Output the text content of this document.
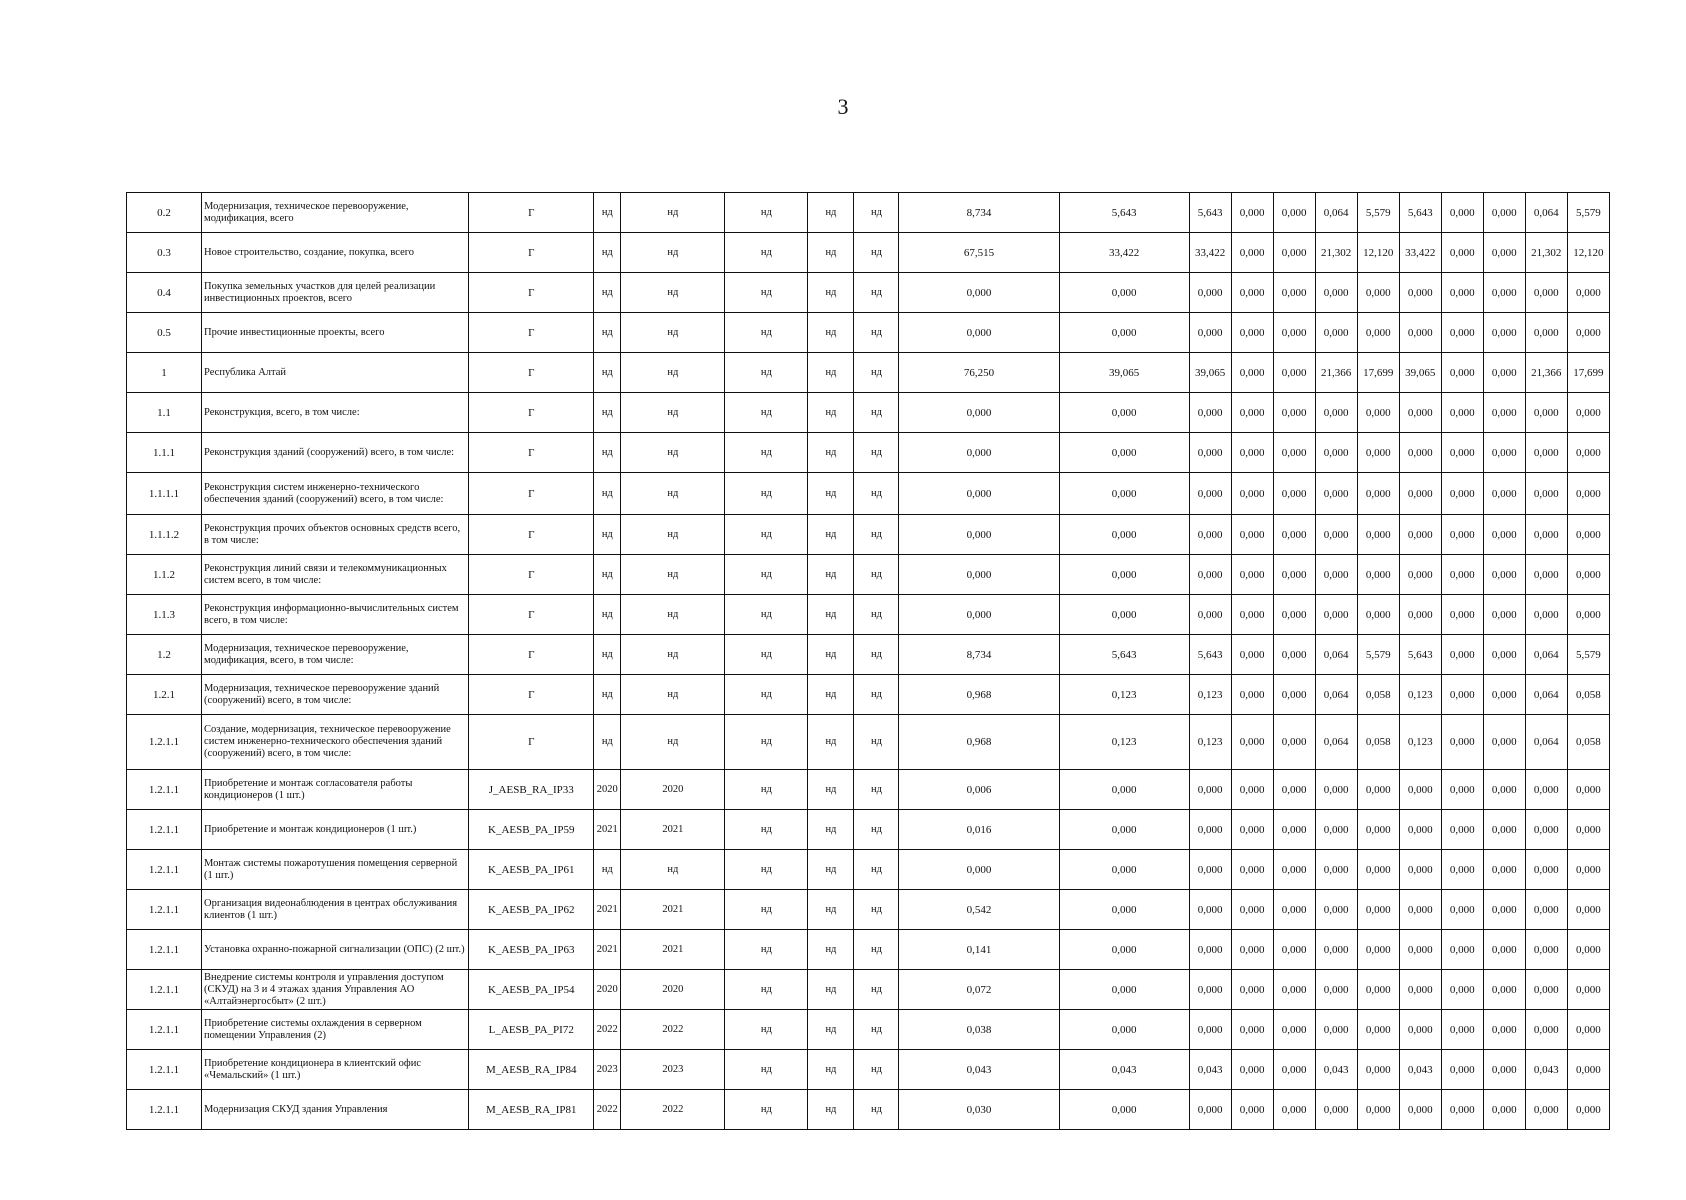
3
0.2	Модернизация, техническое перевооружение, модификация, всего	Г	нд	нд	нд	нд	нд	8,734	5,643	5,643	0,000	0,000	0,064	5,579	5,643	0,000	0,000	0,064	5,579
0.3	Новое строительство, создание, покупка, всего	Г	нд	нд	нд	нд	нд	67,515	33,422	33,422	0,000	0,000	21,302	12,120	33,422	0,000	0,000	21,302	12,120
0.4	Покупка земельных участков для целей реализации инвестиционных проектов, всего	Г	нд	нд	нд	нд	нд	0,000	0,000	0,000	0,000	0,000	0,000	0,000	0,000	0,000	0,000	0,000	0,000
0.5	Прочие инвестиционные проекты, всего	Г	нд	нд	нд	нд	нд	0,000	0,000	0,000	0,000	0,000	0,000	0,000	0,000	0,000	0,000	0,000	0,000
1	Республика Алтай	Г	нд	нд	нд	нд	нд	76,250	39,065	39,065	0,000	0,000	21,366	17,699	39,065	0,000	0,000	21,366	17,699
1.1	Реконструкция, всего, в том числе:	Г	нд	нд	нд	нд	нд	0,000	0,000	0,000	0,000	0,000	0,000	0,000	0,000	0,000	0,000	0,000	0,000
1.1.1	Реконструкция зданий (сооружений) всего, в том числе:	Г	нд	нд	нд	нд	нд	0,000	0,000	0,000	0,000	0,000	0,000	0,000	0,000	0,000	0,000	0,000	0,000
1.1.1.1	Реконструкция систем инженерно-технического обеспечения зданий (сооружений) всего, в том числе:	Г	нд	нд	нд	нд	нд	0,000	0,000	0,000	0,000	0,000	0,000	0,000	0,000	0,000	0,000	0,000	0,000
1.1.1.2	Реконструкция прочих объектов основных средств всего, в том числе:	Г	нд	нд	нд	нд	нд	0,000	0,000	0,000	0,000	0,000	0,000	0,000	0,000	0,000	0,000	0,000	0,000
1.1.2	Реконструкция линий связи и телекоммуникационных систем всего, в том числе:	Г	нд	нд	нд	нд	нд	0,000	0,000	0,000	0,000	0,000	0,000	0,000	0,000	0,000	0,000	0,000	0,000
1.1.3	Реконструкция информационно-вычислительных систем всего, в том числе:	Г	нд	нд	нд	нд	нд	0,000	0,000	0,000	0,000	0,000	0,000	0,000	0,000	0,000	0,000	0,000	0,000
1.2	Модернизация, техническое перевооружение, модификация, всего, в том числе:	Г	нд	нд	нд	нд	нд	8,734	5,643	5,643	0,000	0,000	0,064	5,579	5,643	0,000	0,000	0,064	5,579
1.2.1	Модернизация, техническое перевооружение зданий (сооружений) всего, в том числе:	Г	нд	нд	нд	нд	нд	0,968	0,123	0,123	0,000	0,000	0,064	0,058	0,123	0,000	0,000	0,064	0,058
1.2.1.1	Создание, модернизация, техническое перевооружение систем инженерно-технического обеспечения зданий (сооружений) всего, в том числе:	Г	нд	нд	нд	нд	нд	0,968	0,123	0,123	0,000	0,000	0,064	0,058	0,123	0,000	0,000	0,064	0,058
1.2.1.1	Приобретение и монтаж согласователя работы кондиционеров (1 шт.)	J_AESB_RA_IP33	2020	2020	нд	нд	нд	0,006	0,000	0,000	0,000	0,000	0,000	0,000	0,000	0,000	0,000	0,000	0,000
1.2.1.1	Приобретение и монтаж кондиционеров (1 шт.)	K_AESB_PA_IP59	2021	2021	нд	нд	нд	0,016	0,000	0,000	0,000	0,000	0,000	0,000	0,000	0,000	0,000	0,000	0,000
1.2.1.1	Монтаж системы пожаротушения помещения серверной (1 шт.)	K_AESB_PA_IP61	нд	нд	нд	нд	нд	0,000	0,000	0,000	0,000	0,000	0,000	0,000	0,000	0,000	0,000	0,000	0,000
1.2.1.1	Организация видеонаблюдения в центрах обслуживания клиентов (1 шт.)	K_AESB_PA_IP62	2021	2021	нд	нд	нд	0,542	0,000	0,000	0,000	0,000	0,000	0,000	0,000	0,000	0,000	0,000	0,000
1.2.1.1	Установка охранно-пожарной сигнализации (ОПС) (2 шт.)	K_AESB_PA_IP63	2021	2021	нд	нд	нд	0,141	0,000	0,000	0,000	0,000	0,000	0,000	0,000	0,000	0,000	0,000	0,000
1.2.1.1	Внедрение системы контроля и управления доступом (СКУД) на 3 и 4 этажах здания Управления АО «Алтайэнергосбыт» (2 шт.)	K_AESB_PA_IP54	2020	2020	нд	нд	нд	0,072	0,000	0,000	0,000	0,000	0,000	0,000	0,000	0,000	0,000	0,000	0,000
1.2.1.1	Приобретение системы охлаждения в серверном помещении Управления (2)	L_AESB_PA_PI72	2022	2022	нд	нд	нд	0,038	0,000	0,000	0,000	0,000	0,000	0,000	0,000	0,000	0,000	0,000	0,000
1.2.1.1	Приобретение кондиционера в клиентский офис «Чемальский» (1 шт.)	M_AESB_RA_IP84	2023	2023	нд	нд	нд	0,043	0,043	0,043	0,000	0,000	0,043	0,000	0,043	0,000	0,000	0,043	0,000
1.2.1.1	Модернизация СКУД здания Управления	M_AESB_RA_IP81	2022	2022	нд	нд	нд	0,030	0,000	0,000	0,000	0,000	0,000	0,000	0,000	0,000	0,000	0,000	0,000
